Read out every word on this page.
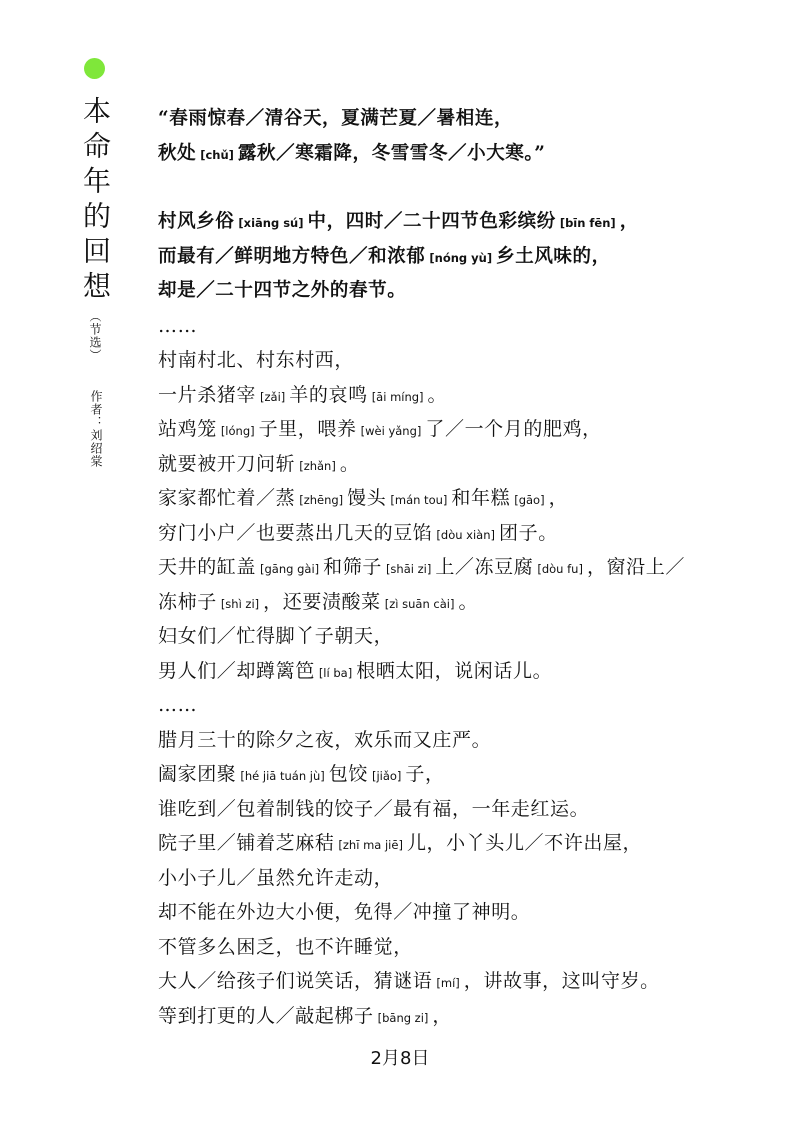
本命年的回想
（节选）
作者：刘绍棠
“春雨惊春／清谷天，夏满芒夏／暑相连，
秋处 [chǔ] 露秋／寒霜降，冬雪雪冬／小大寒。”
村风乡俗 [xiāng sú] 中，四时／二十四节色彩缤纷 [bīn fēn] ，
而最有／鲜明地方特色／和浓郁 [nóng yù] 乡土风味的，
却是／二十四节之外的春节。
……
村南村北、村东村西，
一片杀猪宰 [zǎi] 羊的哀鸣 [āi míng] 。
站鸡笼 [lóng] 子里，喂养 [wèi yǎng] 了／一个月的肥鸡，
就要被开刀问斩 [zhǎn] 。
家家都忙着／蒸 [zhēng] 馒头 [mán tou] 和年糕 [gāo] ，
穷门小户／也要蒸出几天的豆馅 [dòu xiàn] 团子。
天井的缸盖 [gāng gài] 和筛子 [shāi zi] 上／冻豆腐 [dòu fu] ，窗沿上／
冻柿子 [shì zi] ，还要渍酸菜 [zì suān cài] 。
妇女们／忙得脚丫子朝天，
男人们／却蹲篱笆 [lí ba] 根晒太阳，说闲话儿。
……
腊月三十的除夕之夜，欢乐而又庄严。
阖家团聚 [hé jiā tuán jù] 包饺 [jiǎo] 子，
谁吃到／包着制钱的饺子／最有福，一年走红运。
院子里／铺着芝麻秸 [zhī ma jiē] 儿，小丫头儿／不许出屋，
小小子儿／虽然允许走动，
却不能在外边大小便，免得／冲撞了神明。
不管多么困乏，也不许睡觉，
大人／给孩子们说笑话，猜谜语 [mí] ，讲故事，这叫守岁。
等到打更的人／敲起梆子 [bāng zi] ，
2月8日
